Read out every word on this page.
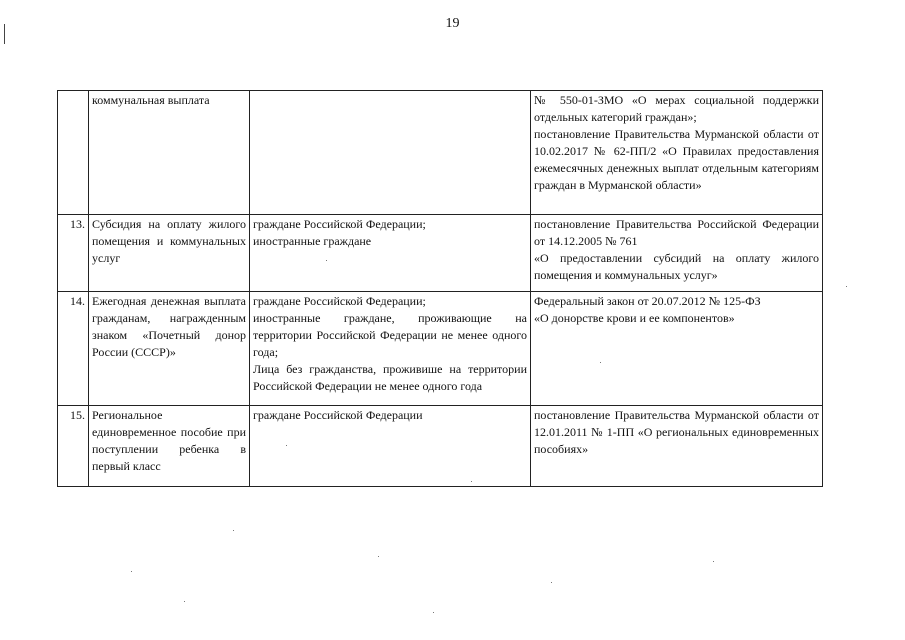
19

	коммунальная выплата		№ 550-01-ЗМО «О мерах социальной поддержки отдельных категорий граждан»;
постановление Правительства Мурманской области от 10.02.2017 № 62-ПП/2 «О Правилах предоставления ежемесячных денежных выплат отдельным категориям граждан в Мурманской области»

13.	Субсидия на оплату жилого помещения и коммунальных услуг	граждане Российской Федерации;
иностранные граждане	постановление Правительства Российской Федерации от 14.12.2005 № 761
«О предоставлении субсидий на оплату жилого помещения и коммунальных услуг»

14.	Ежегодная денежная выплата гражданам, награжденным знаком «Почетный донор России (СССР)»	граждане Российской Федерации;
иностранные граждане, проживающие на территории Российской Федерации не менее одного года;
Лица без гражданства, проживише на территории Российской Федерации не менее одного года	Федеральный закон от 20.07.2012 № 125-ФЗ
«О донорстве крови и ее компонентов»

15.	Региональное единовременное пособие при поступлении ребенка в первый класс	граждане Российской Федерации	постановление Правительства Мурманской области от 12.01.2011 № 1-ПП «О региональных единовременных пособиях»
